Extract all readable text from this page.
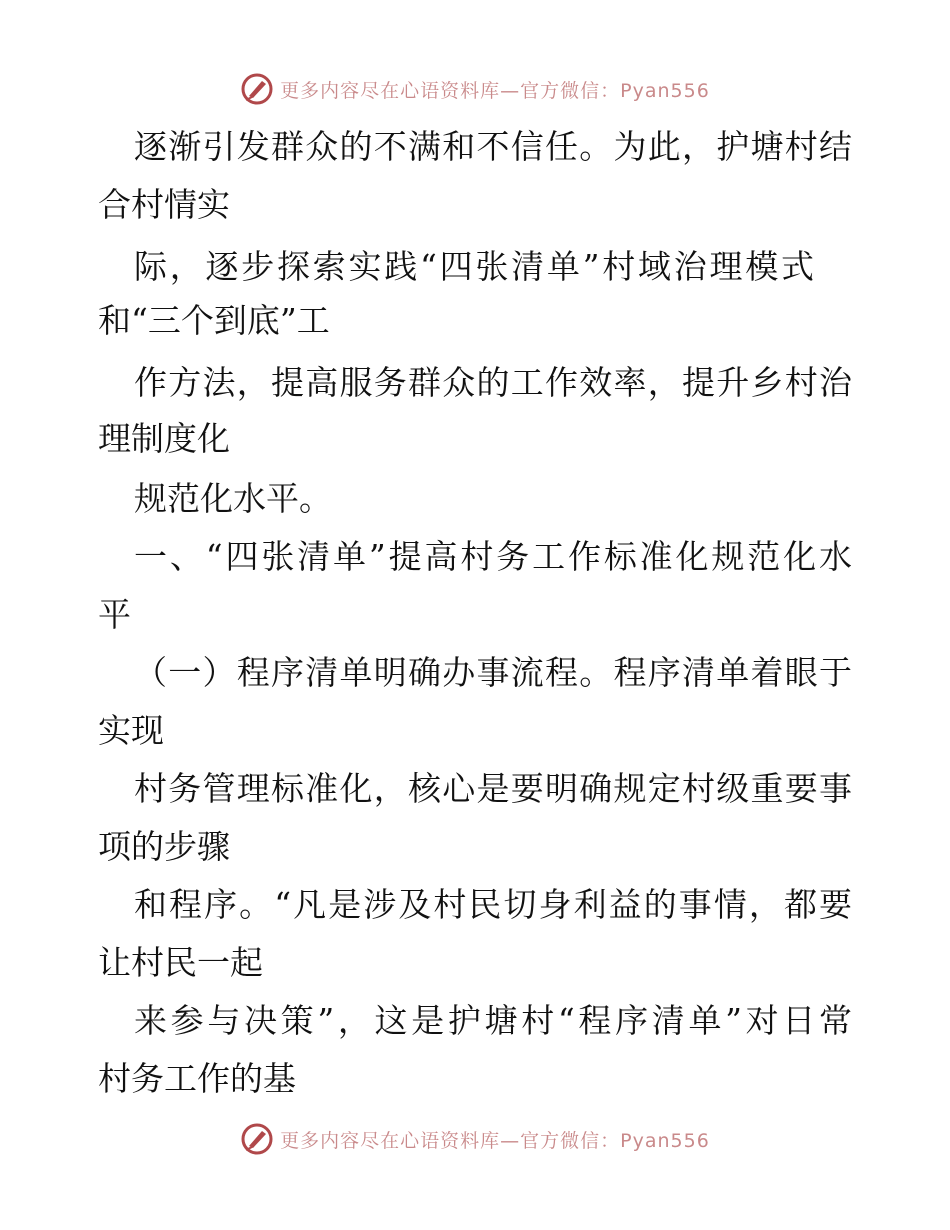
更多内容尽在心语资料库—官方微信：Pyan556
逐渐引发群众的不满和不信任。为此，护塘村结
合村情实
际，逐步探索实践“四张清单”村域治理模式
和“三个到底”工
作方法，提高服务群众的工作效率，提升乡村治
理制度化
规范化水平。
一、“四张清单”提高村务工作标准化规范化水
平
（一）程序清单明确办事流程。程序清单着眼于
实现
村务管理标准化，核心是要明确规定村级重要事
项的步骤
和程序。“凡是涉及村民切身利益的事情，都要
让村民一起
来参与决策”，这是护塘村“程序清单”对日常
村务工作的基
更多内容尽在心语资料库—官方微信：Pyan556
